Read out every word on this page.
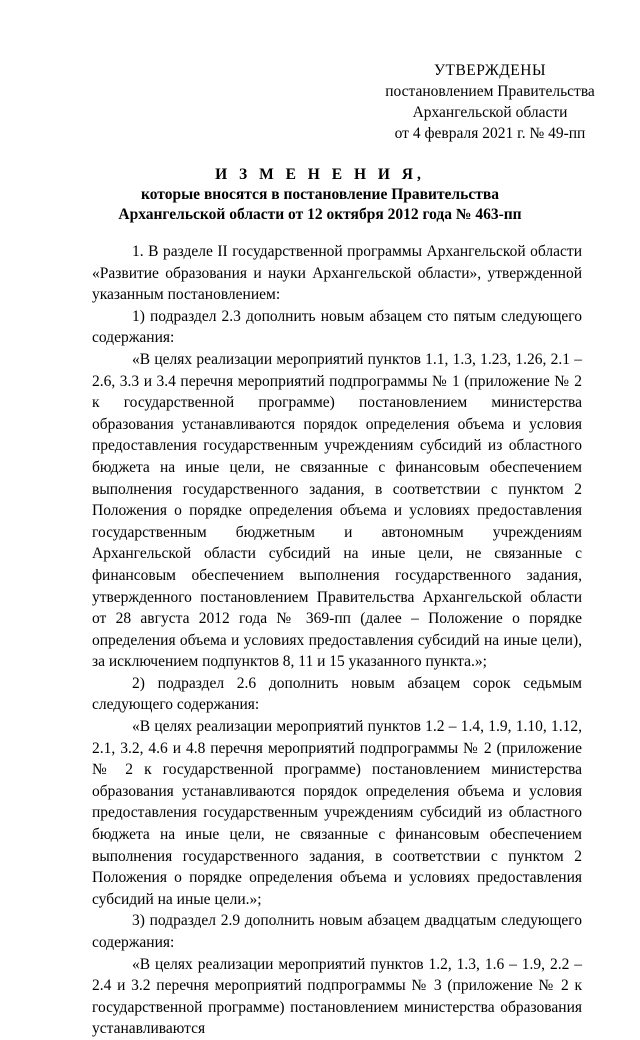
УТВЕРЖДЕНЫ
постановлением Правительства
Архангельской области
от 4 февраля 2021 г. № 49-пп
И З М Е Н Е Н И Я,
которые вносятся в постановление Правительства
Архангельской области от 12 октября 2012 года № 463-пп

1. В разделе II государственной программы Архангельской области «Развитие образования и науки Архангельской области», утвержденной указанным постановлением:

1) подраздел 2.3 дополнить новым абзацем сто пятым следующего содержания:

«В целях реализации мероприятий пунктов 1.1, 1.3, 1.23, 1.26, 2.1 – 2.6, 3.3 и 3.4 перечня мероприятий подпрограммы № 1 (приложение № 2 к государственной программе) постановлением министерства образования устанавливаются порядок определения объема и условия предоставления государственным учреждениям субсидий из областного бюджета на иные цели, не связанные с финансовым обеспечением выполнения государственного задания, в соответствии с пунктом 2 Положения о порядке определения объема и условиях предоставления государственным бюджетным и автономным учреждениям Архангельской области субсидий на иные цели, не связанные с финансовым обеспечением выполнения государственного задания, утвержденного постановлением Правительства Архангельской области от 28 августа 2012 года № 369-пп (далее – Положение о порядке определения объема и условиях предоставления субсидий на иные цели), за исключением подпунктов 8, 11 и 15 указанного пункта.»;

2) подраздел 2.6 дополнить новым абзацем сорок седьмым следующего содержания:

«В целях реализации мероприятий пунктов 1.2 – 1.4, 1.9, 1.10, 1.12, 2.1, 3.2, 4.6 и 4.8 перечня мероприятий подпрограммы № 2 (приложение № 2 к государственной программе) постановлением министерства образования устанавливаются порядок определения объема и условия предоставления государственным учреждениям субсидий из областного бюджета на иные цели, не связанные с финансовым обеспечением выполнения государственного задания, в соответствии с пунктом 2 Положения о порядке определения объема и условиях предоставления субсидий на иные цели.»;

3) подраздел 2.9 дополнить новым абзацем двадцатым следующего содержания:

«В целях реализации мероприятий пунктов 1.2, 1.3, 1.6 – 1.9, 2.2 – 2.4 и 3.2 перечня мероприятий подпрограммы № 3 (приложение № 2 к государственной программе) постановлением министерства образования устанавливаются
